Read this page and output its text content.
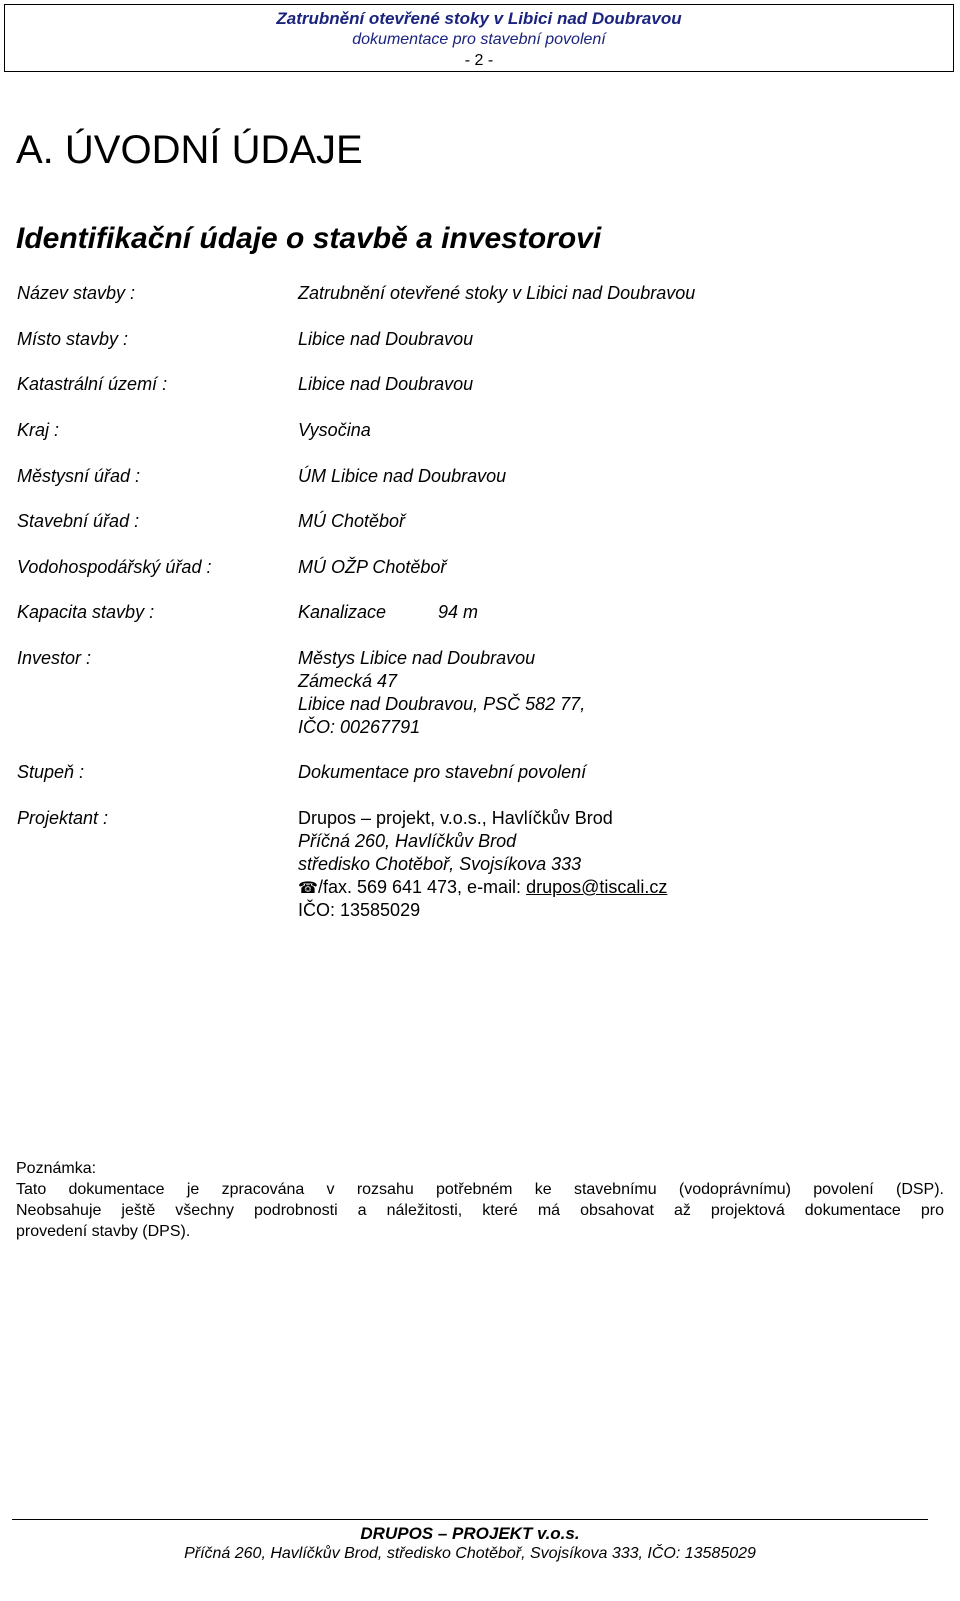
Zatrubnění otevřené stoky v Libici nad Doubravou
dokumentace pro stavební povolení
- 2 -
A. ÚVODNÍ ÚDAJE
Identifikační údaje o stavbě a investorovi
Název stavby :	Zatrubnění otevřené stoky v Libici nad Doubravou
Místo stavby :	Libice nad Doubravou
Katastrální území :	Libice nad Doubravou
Kraj :	Vysočina
Městysní úřad :	ÚM Libice nad Doubravou
Stavební úřad :	MÚ Chotěboř
Vodohospodářský úřad :	MÚ OŽP Chotěboř
Kapacita stavby :	Kanalizace	94 m
Investor :	Městys Libice nad Doubravou
Zámecká 47
Libice nad Doubravou, PSČ 582 77,
IČO: 00267791
Stupeň :	Dokumentace pro stavební povolení
Projektant :	Drupos – projekt, v.o.s., Havlíčkův Brod
Příčná 260, Havlíčkův Brod
středisko Chotěboř, Svojsíkova 333
☎/fax. 569 641 473, e-mail: drupos@tiscali.cz
IČO: 13585029
Poznámka:
Tato dokumentace je zpracována v rozsahu potřebném ke stavebnímu (vodoprávnímu) povolení (DSP).
Neobsahuje ještě všechny podrobnosti a náležitosti, které má obsahovat až projektová dokumentace pro
provedení stavby (DPS).
DRUPOS – PROJEKT v.o.s.
Příčná 260, Havlíčkův Brod, středisko Chotěboř, Svojsíkova 333, IČO: 13585029
